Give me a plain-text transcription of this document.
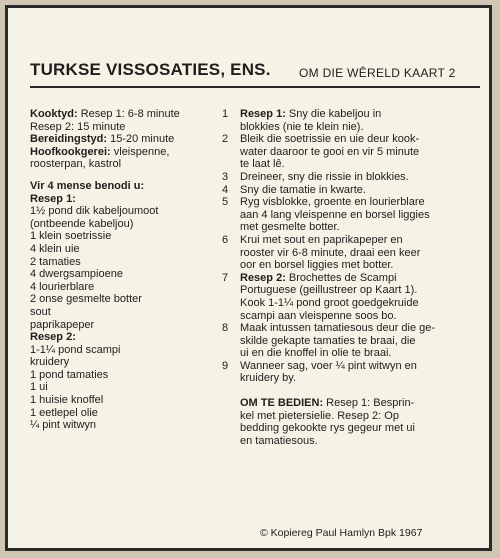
TURKSE VISSOSATIES, ENS. OM DIE WÊRELD KAART 2
Kooktyd: Resep 1: 6-8 minute
Resep 2: 15 minute
Bereidingstyd: 15-20 minute
Hoofkookgerei: vleispenne,
roosterpan, kastrol
Vir 4 mense benodi u:
Resep 1:
1½ pond dik kabeljoumoot
(ontbeende kabeljou)
1 klein soetrissie
4 klein uie
2 tamaties
4 dwergsampioene
4 lourierblare
2 onse gesmelte botter
sout
paprikapeper
Resep 2:
1-1¼ pond scampi
kruidery
1 pond tamaties
1 ui
1 huisie knoffel
1 eetlepel olie
¼ pint witwyn
1	Resep 1: Sny die kabeljou in
blokkies (nie te klein nie).
2	Bleik die soetrissie en uie deur kook-
water daaroor te gooi en vir 5 minute
te laat lê.
3	Dreineer, sny die rissie in blokkies.
4	Sny die tamatie in kwarte.
5	Ryg visblokke, groente en lourierblare
aan 4 lang vleispenne en borsel liggies
met gesmelte botter.
6	Krui met sout en paprikapeper en
rooster vir 6-8 minute, draai een keer
oor en borsel liggies met botter.
7	Resep 2: Brochettes de Scampi
Portuguese (geillustreer op Kaart 1).
Kook 1-1¼ pond groot goedgekruide
scampi aan vleispenne soos bo.
8	Maak intussen tamatiesous deur die ge-
skilde gekapte tamaties te braai, die
ui en die knoffel in olie te braai.
9	Wanneer sag, voer ¼ pint witwyn en
kruidery by.
OM TE BEDIEN: Resep 1: Besprin-
kel met pietersielie. Resep 2: Op
bedding gekookte rys gegeur met ui
en tamatiesous.
© Kopiereg Paul Hamlyn Bpk 1967
